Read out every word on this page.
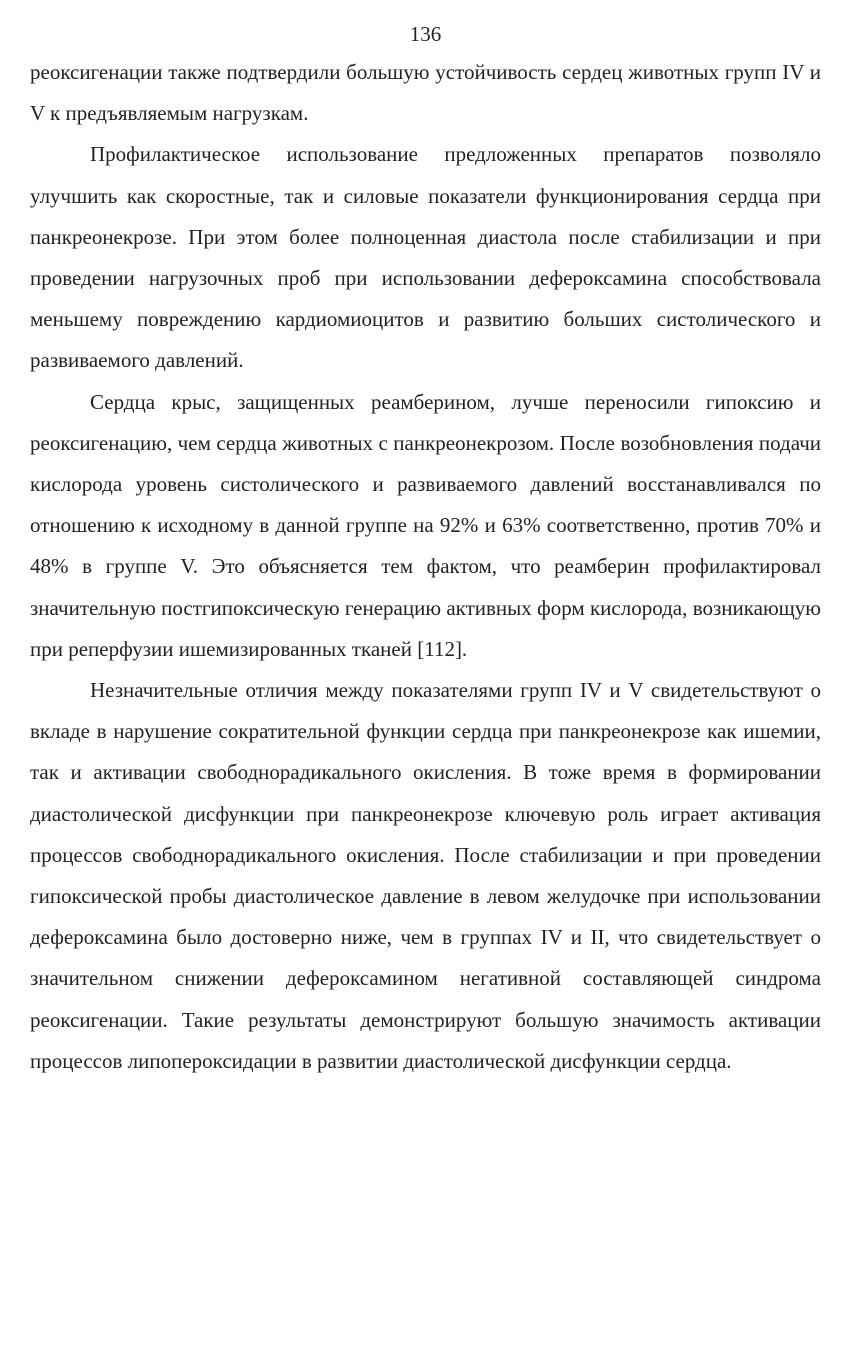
136

реоксигенации также подтвердили большую устойчивость сердец животных групп IV и V к предъявляемым нагрузкам.

Профилактическое использование предложенных препаратов позволяло улучшить как скоростные, так и силовые показатели функционирования сердца при панкреонекрозе. При этом более полноценная диастола после стабилизации и при проведении нагрузочных проб при использовании дефероксамина способствовала меньшему повреждению кардиомиоцитов и развитию больших систолического и развиваемого давлений.

Сердца крыс, защищенных реамберином, лучше переносили гипоксию и реоксигенацию, чем сердца животных с панкреонекрозом. После возобновления подачи кислорода уровень систолического и развиваемого давлений восстанавливался по отношению к исходному в данной группе на 92% и 63% соответственно, против 70% и 48% в группе V. Это объясняется тем фактом, что реамберин профилактировал значительную постгипоксическую генерацию активных форм кислорода, возникающую при реперфузии ишемизированных тканей [112].

Незначительные отличия между показателями групп IV и V свидетельствуют о вкладе в нарушение сократительной функции сердца при панкреонекрозе как ишемии, так и активации свободнорадикального окисления. В тоже время в формировании диастолической дисфункции при панкреонекрозе ключевую роль играет активация процессов свободнорадикального окисления. После стабилизации и при проведении гипоксической пробы диастолическое давление в левом желудочке при использовании дефероксамина было достоверно ниже, чем в группах IV и II, что свидетельствует о значительном снижении дефероксамином негативной составляющей синдрома реоксигенации. Такие результаты демонстрируют большую значимость активации процессов липопероксидации в развитии диастолической дисфункции сердца.
